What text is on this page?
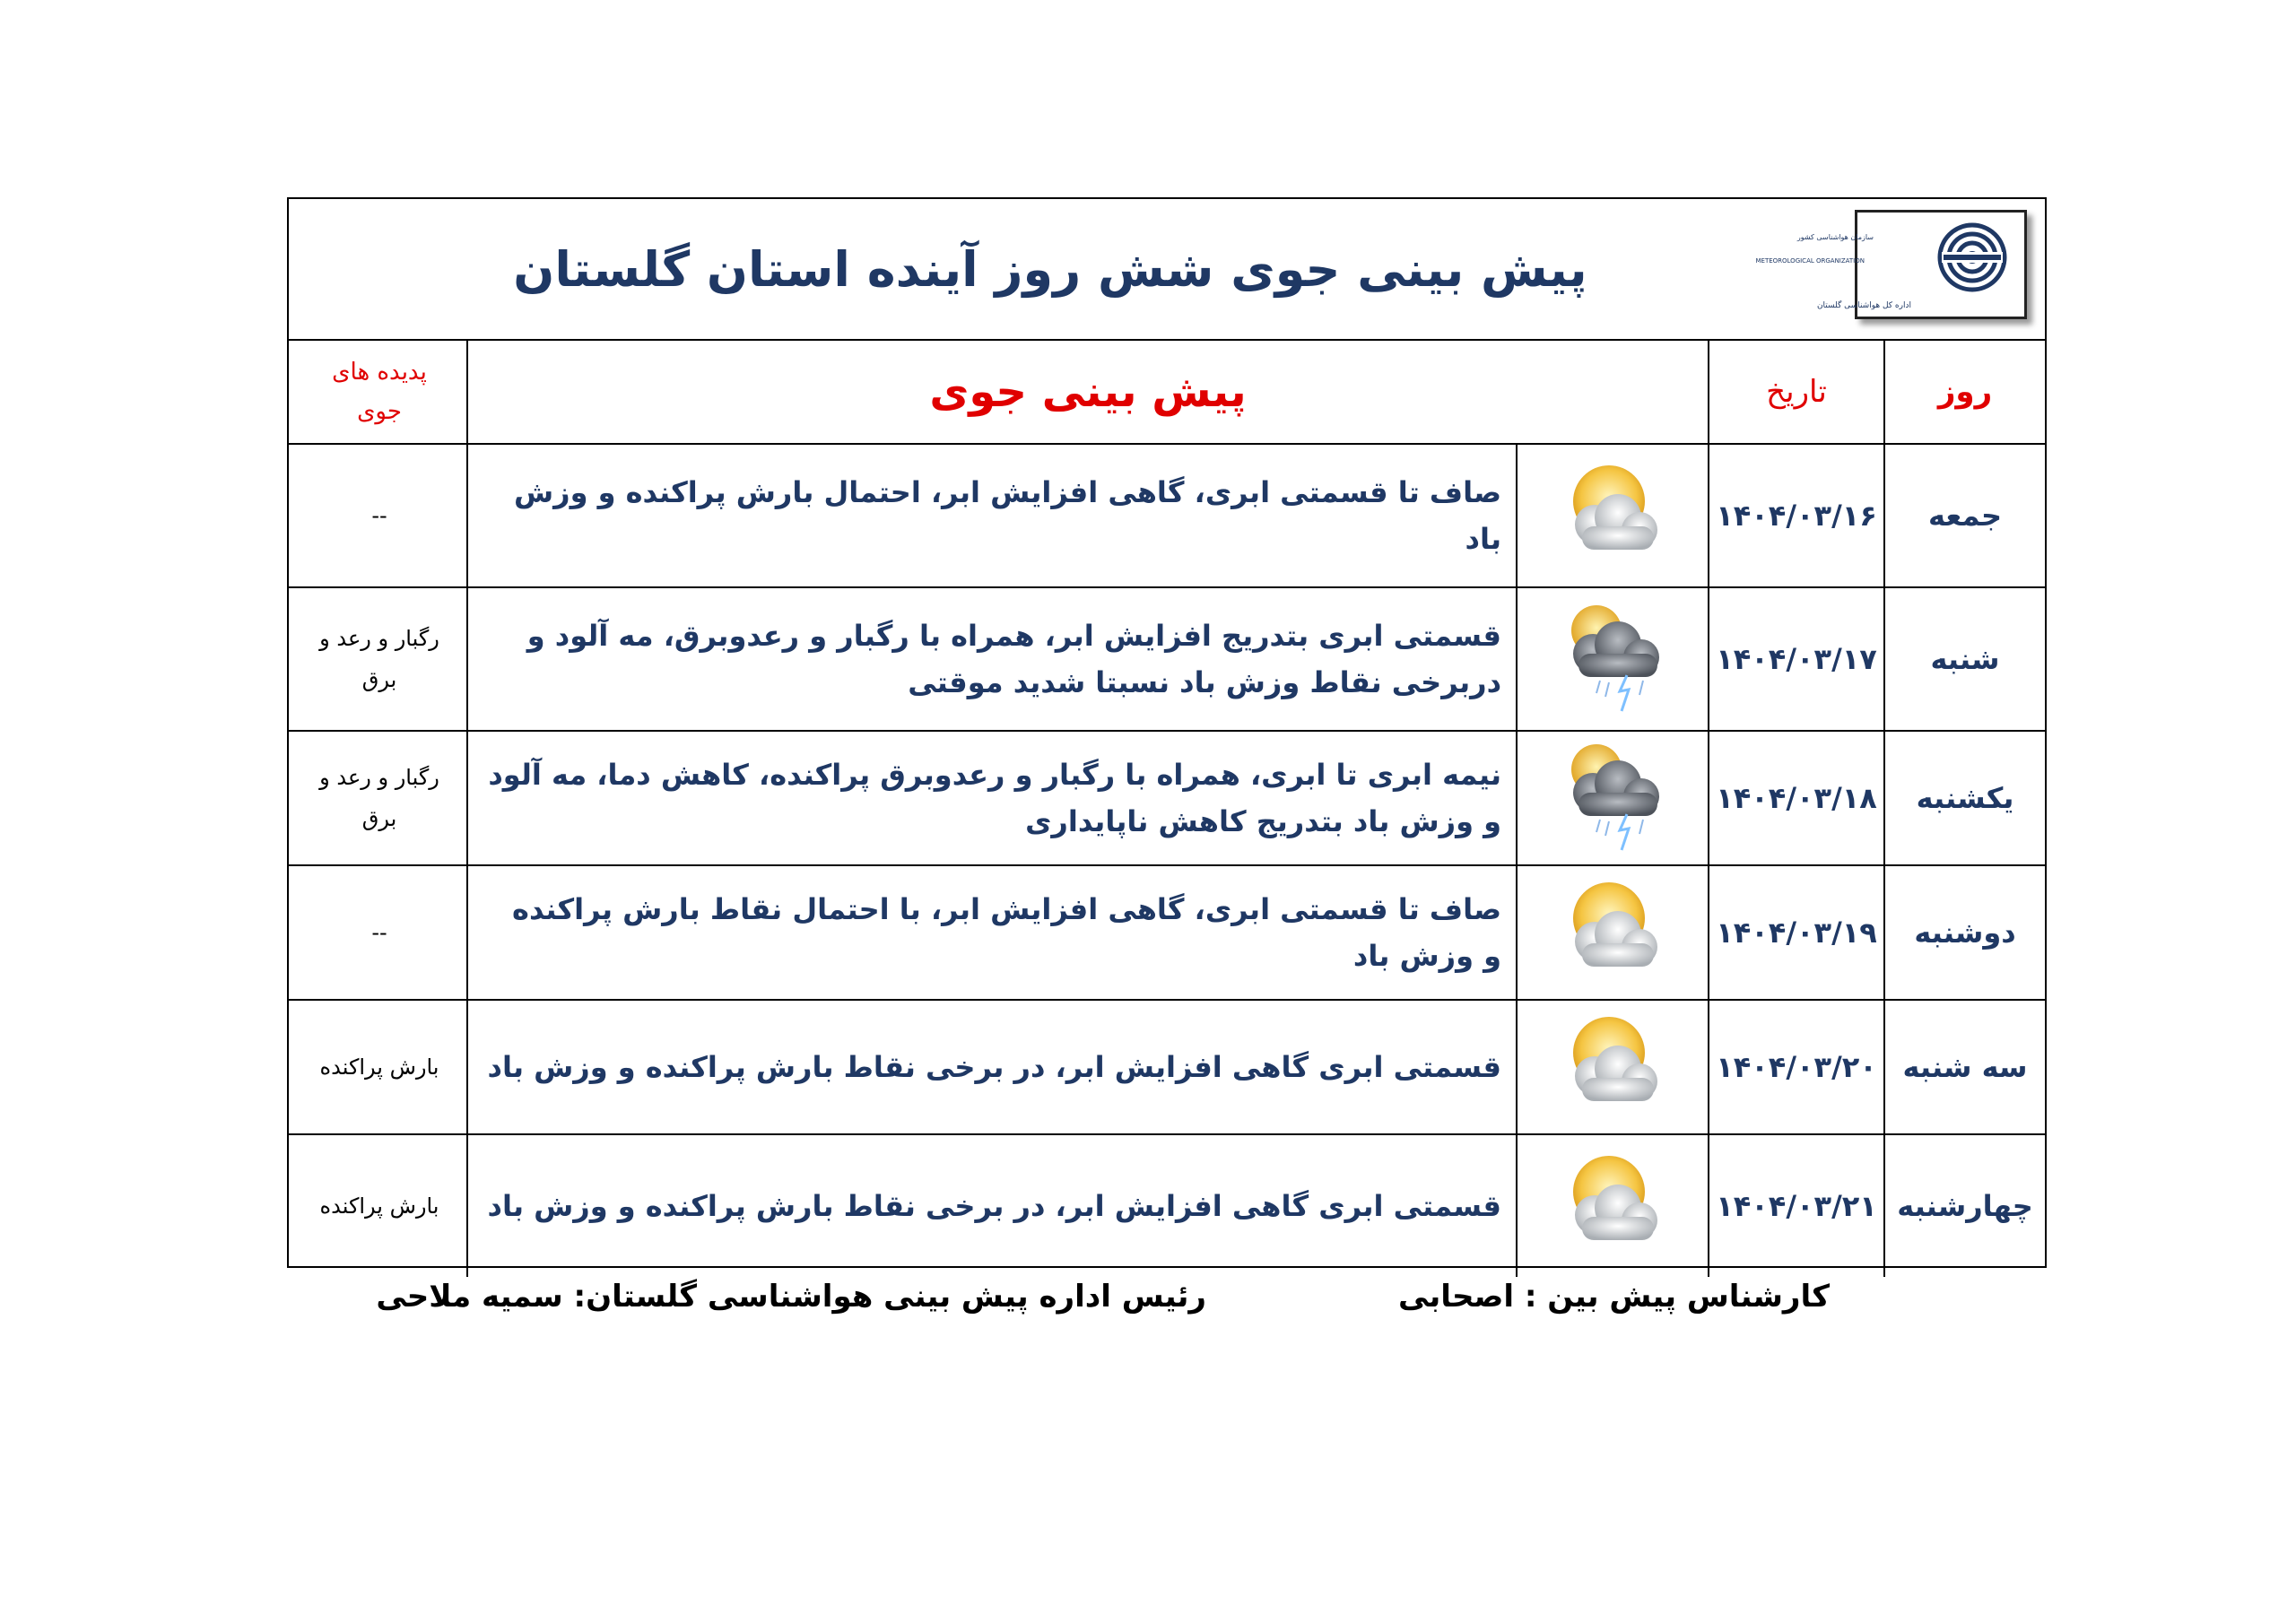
پیش بینی جوی شش روز آینده استان گلستان
سازمان هواشناسی کشور
METEOROLOGICAL ORGANIZATION
اداره کل هواشناسی گلستان
روز
تاریخ
پیش بینی جوی
پدیده های جوی
جمعه
۱۴۰۴/۰۳/۱۶
صاف تا قسمتی ابری، گاهی افزایش ابر، احتمال بارش پراکنده و وزش باد
--
شنبه
۱۴۰۴/۰۳/۱۷
قسمتی ابری بتدریج افزایش ابر، همراه با رگبار و رعدوبرق، مه آلود و دربرخی نقاط وزش باد نسبتا شدید موقتی
رگبار و رعد و برق
یکشنبه
۱۴۰۴/۰۳/۱۸
نیمه ابری تا ابری، همراه با رگبار و رعدوبرق پراکنده، کاهش دما، مه آلود و وزش باد بتدریج کاهش ناپایداری
رگبار و رعد و برق
دوشنبه
۱۴۰۴/۰۳/۱۹
صاف تا قسمتی ابری، گاهی افزایش ابر، با احتمال نقاط بارش پراکنده و وزش باد
--
سه شنبه
۱۴۰۴/۰۳/۲۰
قسمتی ابری گاهی افزایش ابر، در برخی نقاط بارش پراکنده و وزش باد
بارش پراکنده
چهارشنبه
۱۴۰۴/۰۳/۲۱
قسمتی ابری گاهی افزایش ابر، در برخی نقاط بارش پراکنده و وزش باد
بارش پراکنده
کارشناس پیش بین : اصحابی
رئیس اداره پیش بینی هواشناسی گلستان: سمیه ملاحی
